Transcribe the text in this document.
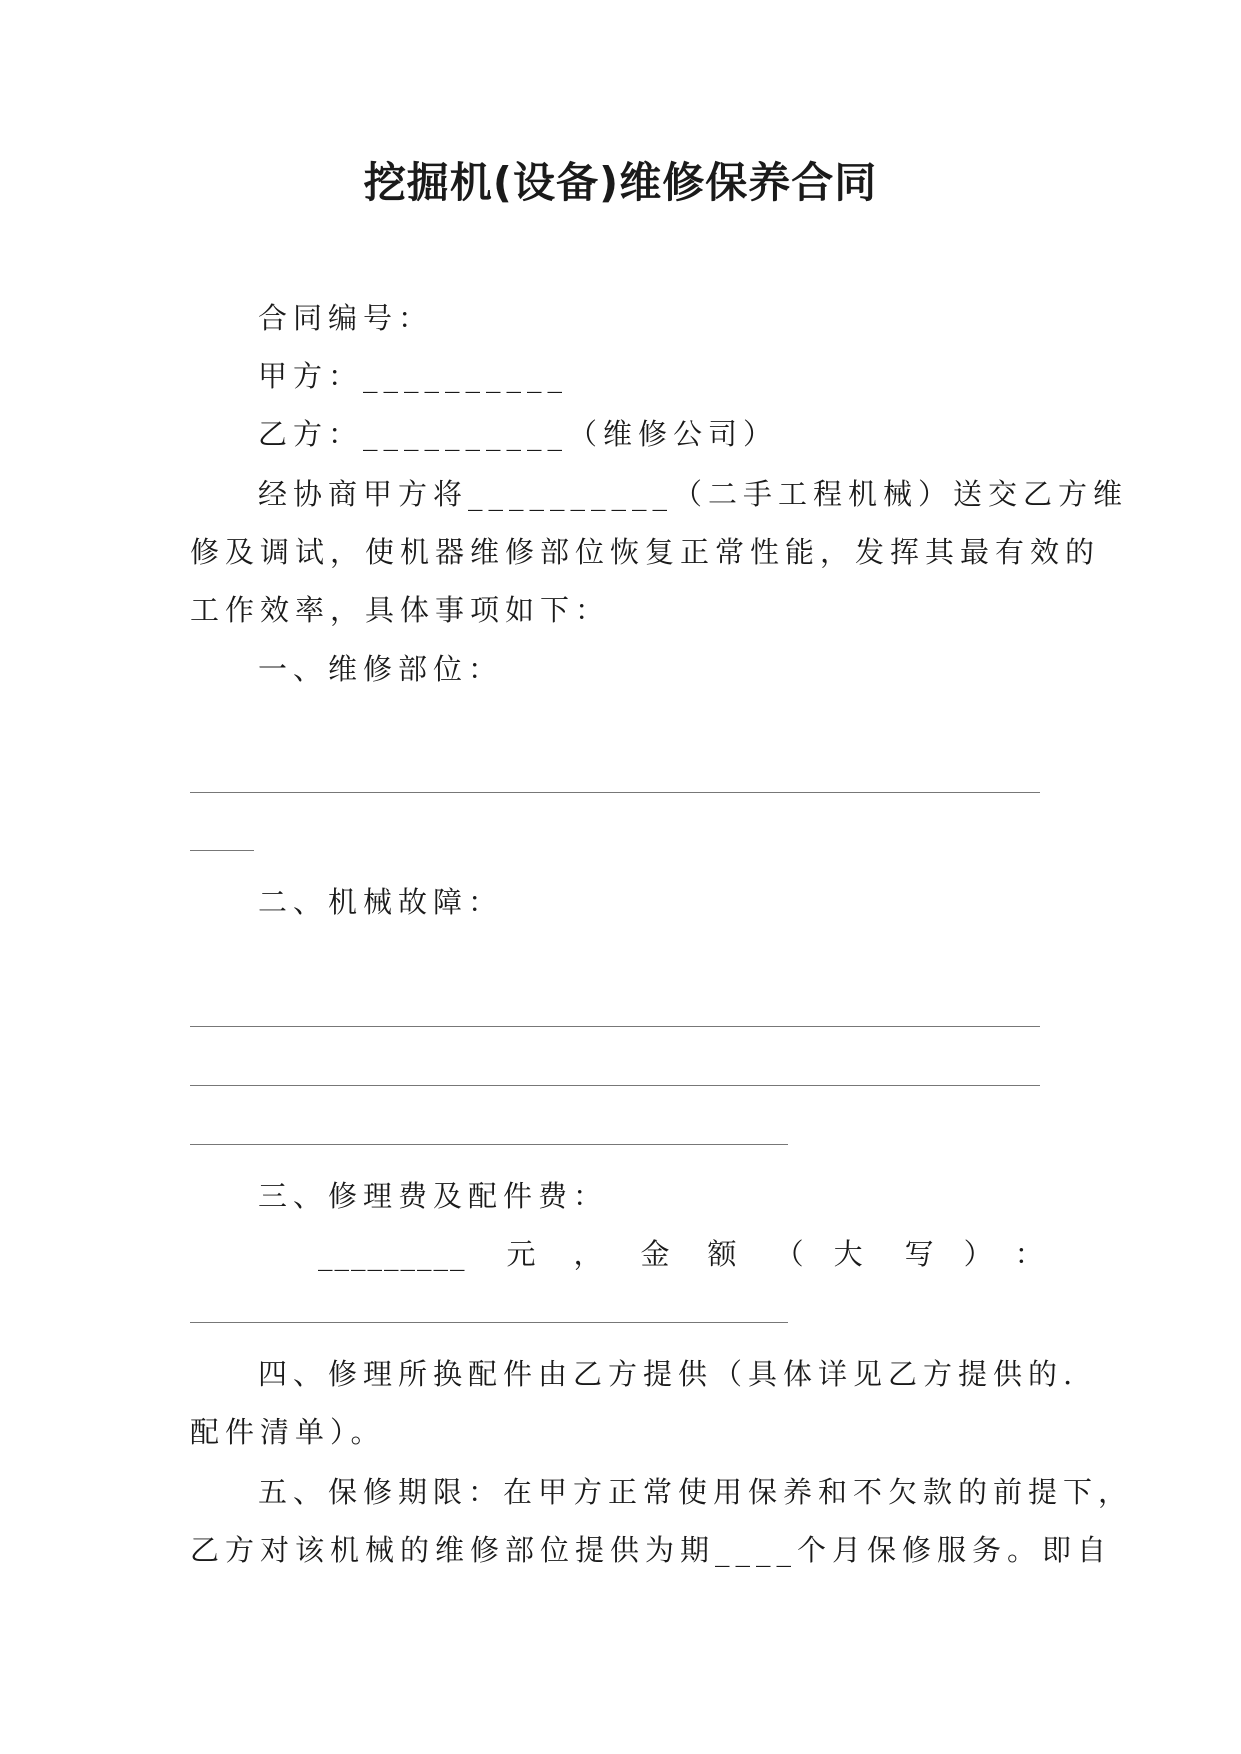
挖掘机(设备)维修保养合同
合同编号：
甲方：__________
乙方：__________（维修公司）
经协商甲方将__________（二手工程机械）送交乙方维
修及调试，使机器维修部位恢复正常性能，发挥其最有效的
工作效率，具体事项如下：
一、维修部位：
二、机械故障：
三、修理费及配件费：
_________ 元 ， 金 额 （ 大 写 ） ：
四、修理所换配件由乙方提供（具体详见乙方提供的.
配件清单）。
五、保修期限：在甲方正常使用保养和不欠款的前提下，
乙方对该机械的维修部位提供为期____个月保修服务。即自
